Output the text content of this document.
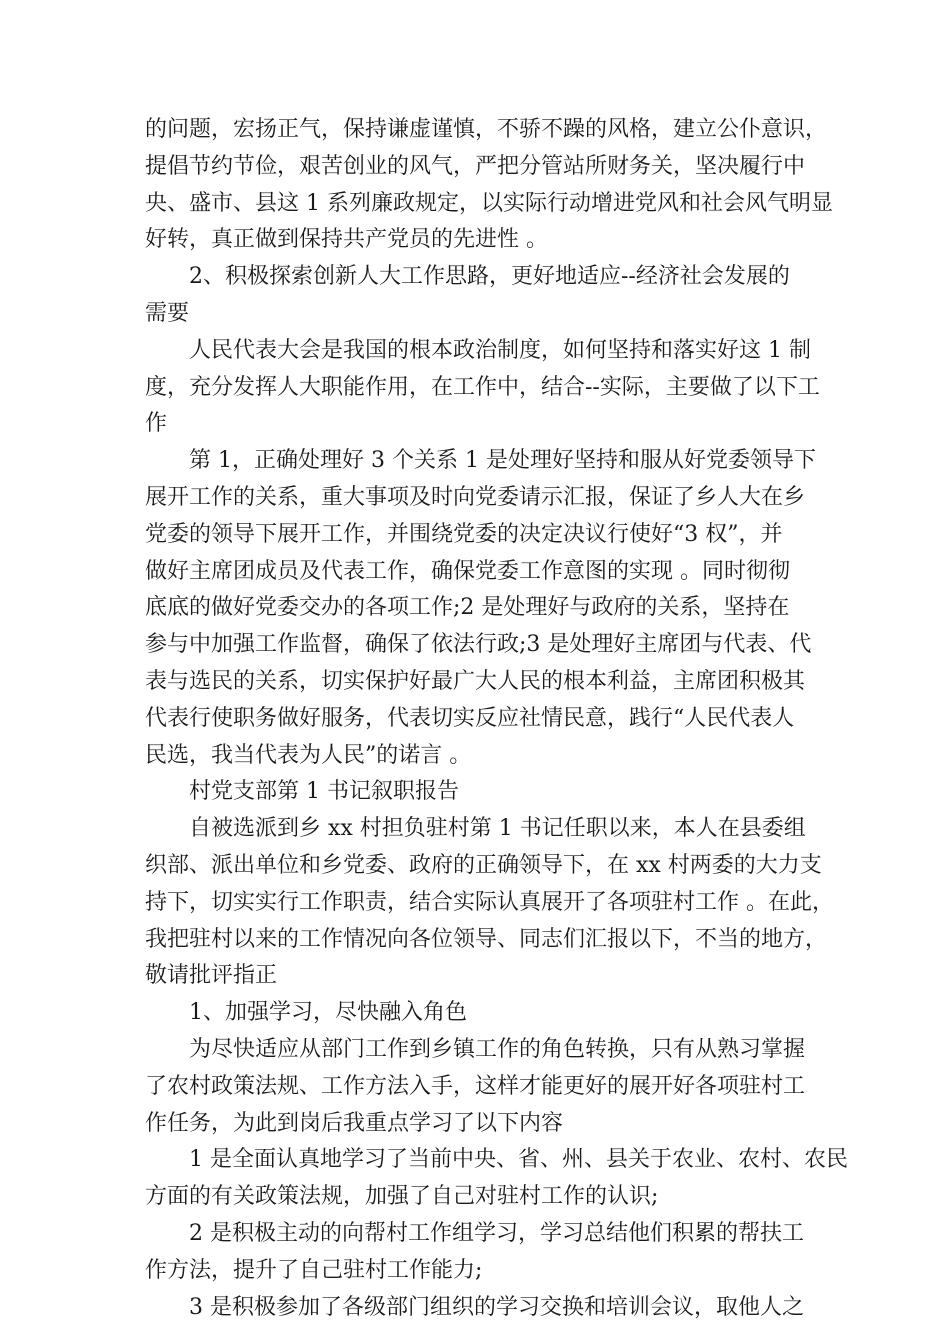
的问题，宏扬正气，保持谦虚谨慎，不骄不躁的风格，建立公仆意识，
提倡节约节俭，艰苦创业的风气，严把分管站所财务关，坚决履行中
央、盛市、县这 1 系列廉政规定，以实际行动增进党风和社会风气明显
好转，真正做到保持共产党员的先进性 。
2、积极探索创新人大工作思路，更好地适应--经济社会发展的
需要
人民代表大会是我国的根本政治制度，如何坚持和落实好这 1 制
度，充分发挥人大职能作用，在工作中，结合--实际，主要做了以下工
作
第 1，正确处理好 3 个关系 1 是处理好坚持和服从好党委领导下
展开工作的关系，重大事项及时向党委请示汇报，保证了乡人大在乡
党委的领导下展开工作，并围绕党委的决定决议行使好“3 权”，并
做好主席团成员及代表工作，确保党委工作意图的实现 。同时彻彻
底底的做好党委交办的各项工作;2 是处理好与政府的关系，坚持在
参与中加强工作监督，确保了依法行政;3 是处理好主席团与代表、代
表与选民的关系，切实保护好最广大人民的根本利益，主席团积极其
代表行使职务做好服务，代表切实反应社情民意，践行“人民代表人
民选，我当代表为人民”的诺言 。
村党支部第 1 书记叙职报告
自被选派到乡 xx 村担负驻村第 1 书记任职以来，本人在县委组
织部、派出单位和乡党委、政府的正确领导下，在 xx 村两委的大力支
持下，切实实行工作职责，结合实际认真展开了各项驻村工作 。在此，
我把驻村以来的工作情况向各位领导、同志们汇报以下，不当的地方，
敬请批评指正
1、加强学习，尽快融入角色
为尽快适应从部门工作到乡镇工作的角色转换，只有从熟习掌握
了农村政策法规、工作方法入手，这样才能更好的展开好各项驻村工
作任务，为此到岗后我重点学习了以下内容
1 是全面认真地学习了当前中央、省、州、县关于农业、农村、农民
方面的有关政策法规，加强了自己对驻村工作的认识;
2 是积极主动的向帮村工作组学习，学习总结他们积累的帮扶工
作方法，提升了自己驻村工作能力;
3 是积极参加了各级部门组织的学习交换和培训会议，取他人之
